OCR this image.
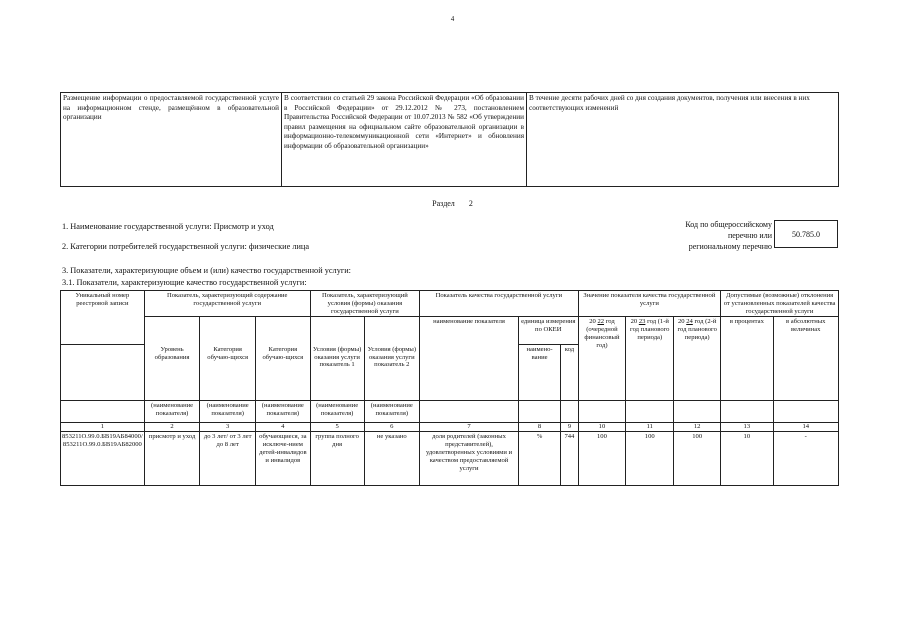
4
Размещение информации о предоставляемой государственной услуге на информационном стенде, размещённом в образовательной организации	В соответствии со статьей 29 закона Российской Федерации «Об образовании в Российской Федерации» от 29.12.2012 № 273, постановлением Правительства Российской Федерации от 10.07.2013 № 582 «Об утверждении правил размещения на официальном сайте образовательной организации в информационно-телекоммуникационной сети «Интернет» и обновления информации об образовательной организации»	В течение десяти рабочих дней со дня создания документов, получения или внесения в них соответствующих изменений
Раздел 2
1. Наименование государственной услуги: Присмотр и уход
2. Категории потребителей государственной услуги: физические лица
Код по общероссийскому
перечню или
региональному перечню
50.785.0
3. Показатели, характеризующие объем и (или) качество государственной услуги:
3.1. Показатели, характеризующие качество государственной услуги:
Уникальный номер реестровой записи	Показатель, характеризующий содержание государственной услуги			Показатель, характеризующий условия (формы) оказания государственной услуги		Показатель качества государственной услуги			Значение показателя качества государственной услуги			Допустимые (возможные) отклонения от установленных показателей качества государственной услуги	
						наименование показателя	единица измерения по ОКЕИ		20 22 год (очередной финансовый год)	20 23 год (1-й год планового периода)	20 24 год (2-й год планового периода)	в процентах	в абсолютных величинах
							наимено-вание	код					
	Уровень образования	Категория обучаю-щихся	Категория обучаю-щихся	Условия (формы) оказания услуги показатель 1	Условия (формы) оказания услуги показатель 2								
	(наименование показателя)	(наименование показателя)	(наименование показателя)	(наименование показателя)	(наименование показателя)								
1	2	3	4	5	6	7	8	9	10	11	12	13	14
853211О.99.0.БВ19АБ84000/ 853211О.99.0.БВ19АБ82000	присмотр и уход	до 3 лет/ от 3 лет до 8 лет	обучающиеся, за исключе-нием детей-инвалидов и инвалидов	группа полного дня	не указано	доля родителей (законных представителей), удовлетворенных условиями и качеством предоставляемой услуги	%	744	100	100	100	10	-
